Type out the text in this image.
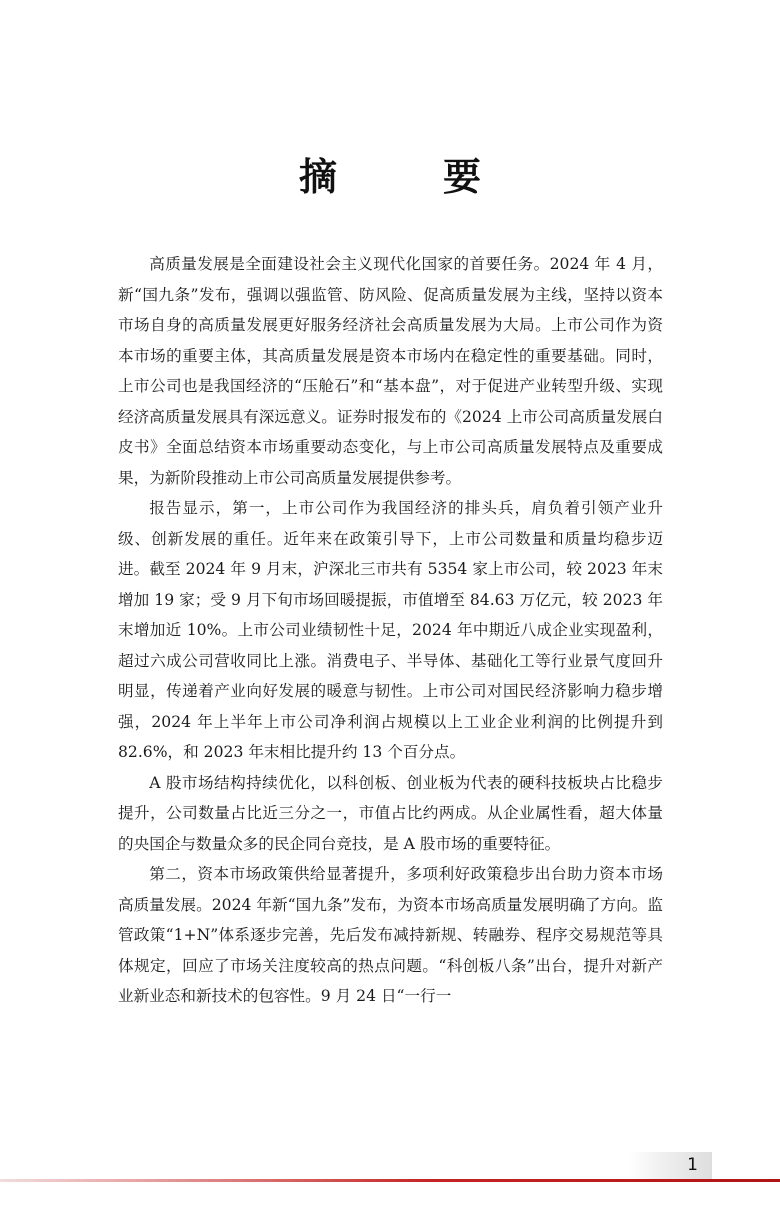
摘　要

高质量发展是全面建设社会主义现代化国家的首要任务。2024 年 4 月，新“国九条”发布，强调以强监管、防风险、促高质量发展为主线，坚持以资本市场自身的高质量发展更好服务经济社会高质量发展为大局。上市公司作为资本市场的重要主体，其高质量发展是资本市场内在稳定性的重要基础。同时，上市公司也是我国经济的“压舱石”和“基本盘”，对于促进产业转型升级、实现经济高质量发展具有深远意义。证券时报发布的《2024 上市公司高质量发展白皮书》全面总结资本市场重要动态变化，与上市公司高质量发展特点及重要成果，为新阶段推动上市公司高质量发展提供参考。

报告显示，第一，上市公司作为我国经济的排头兵，肩负着引领产业升级、创新发展的重任。近年来在政策引导下，上市公司数量和质量均稳步迈进。截至 2024 年 9 月末，沪深北三市共有 5354 家上市公司，较 2023 年末增加 19 家；受 9 月下旬市场回暖提振，市值增至 84.63 万亿元，较 2023 年末增加近 10%。上市公司业绩韧性十足，2024 年中期近八成企业实现盈利，超过六成公司营收同比上涨。消费电子、半导体、基础化工等行业景气度回升明显，传递着产业向好发展的暖意与韧性。上市公司对国民经济影响力稳步增强，2024 年上半年上市公司净利润占规模以上工业企业利润的比例提升到 82.6%，和 2023 年末相比提升约 13 个百分点。

A 股市场结构持续优化，以科创板、创业板为代表的硬科技板块占比稳步提升，公司数量占比近三分之一，市值占比约两成。从企业属性看，超大体量的央国企与数量众多的民企同台竞技，是 A 股市场的重要特征。

第二，资本市场政策供给显著提升，多项利好政策稳步出台助力资本市场高质量发展。2024 年新“国九条”发布，为资本市场高质量发展明确了方向。监管政策“1+N”体系逐步完善，先后发布减持新规、转融券、程序交易规范等具体规定，回应了市场关注度较高的热点问题。“科创板八条”出台，提升对新产业新业态和新技术的包容性。9 月 24 日“一行一

1
